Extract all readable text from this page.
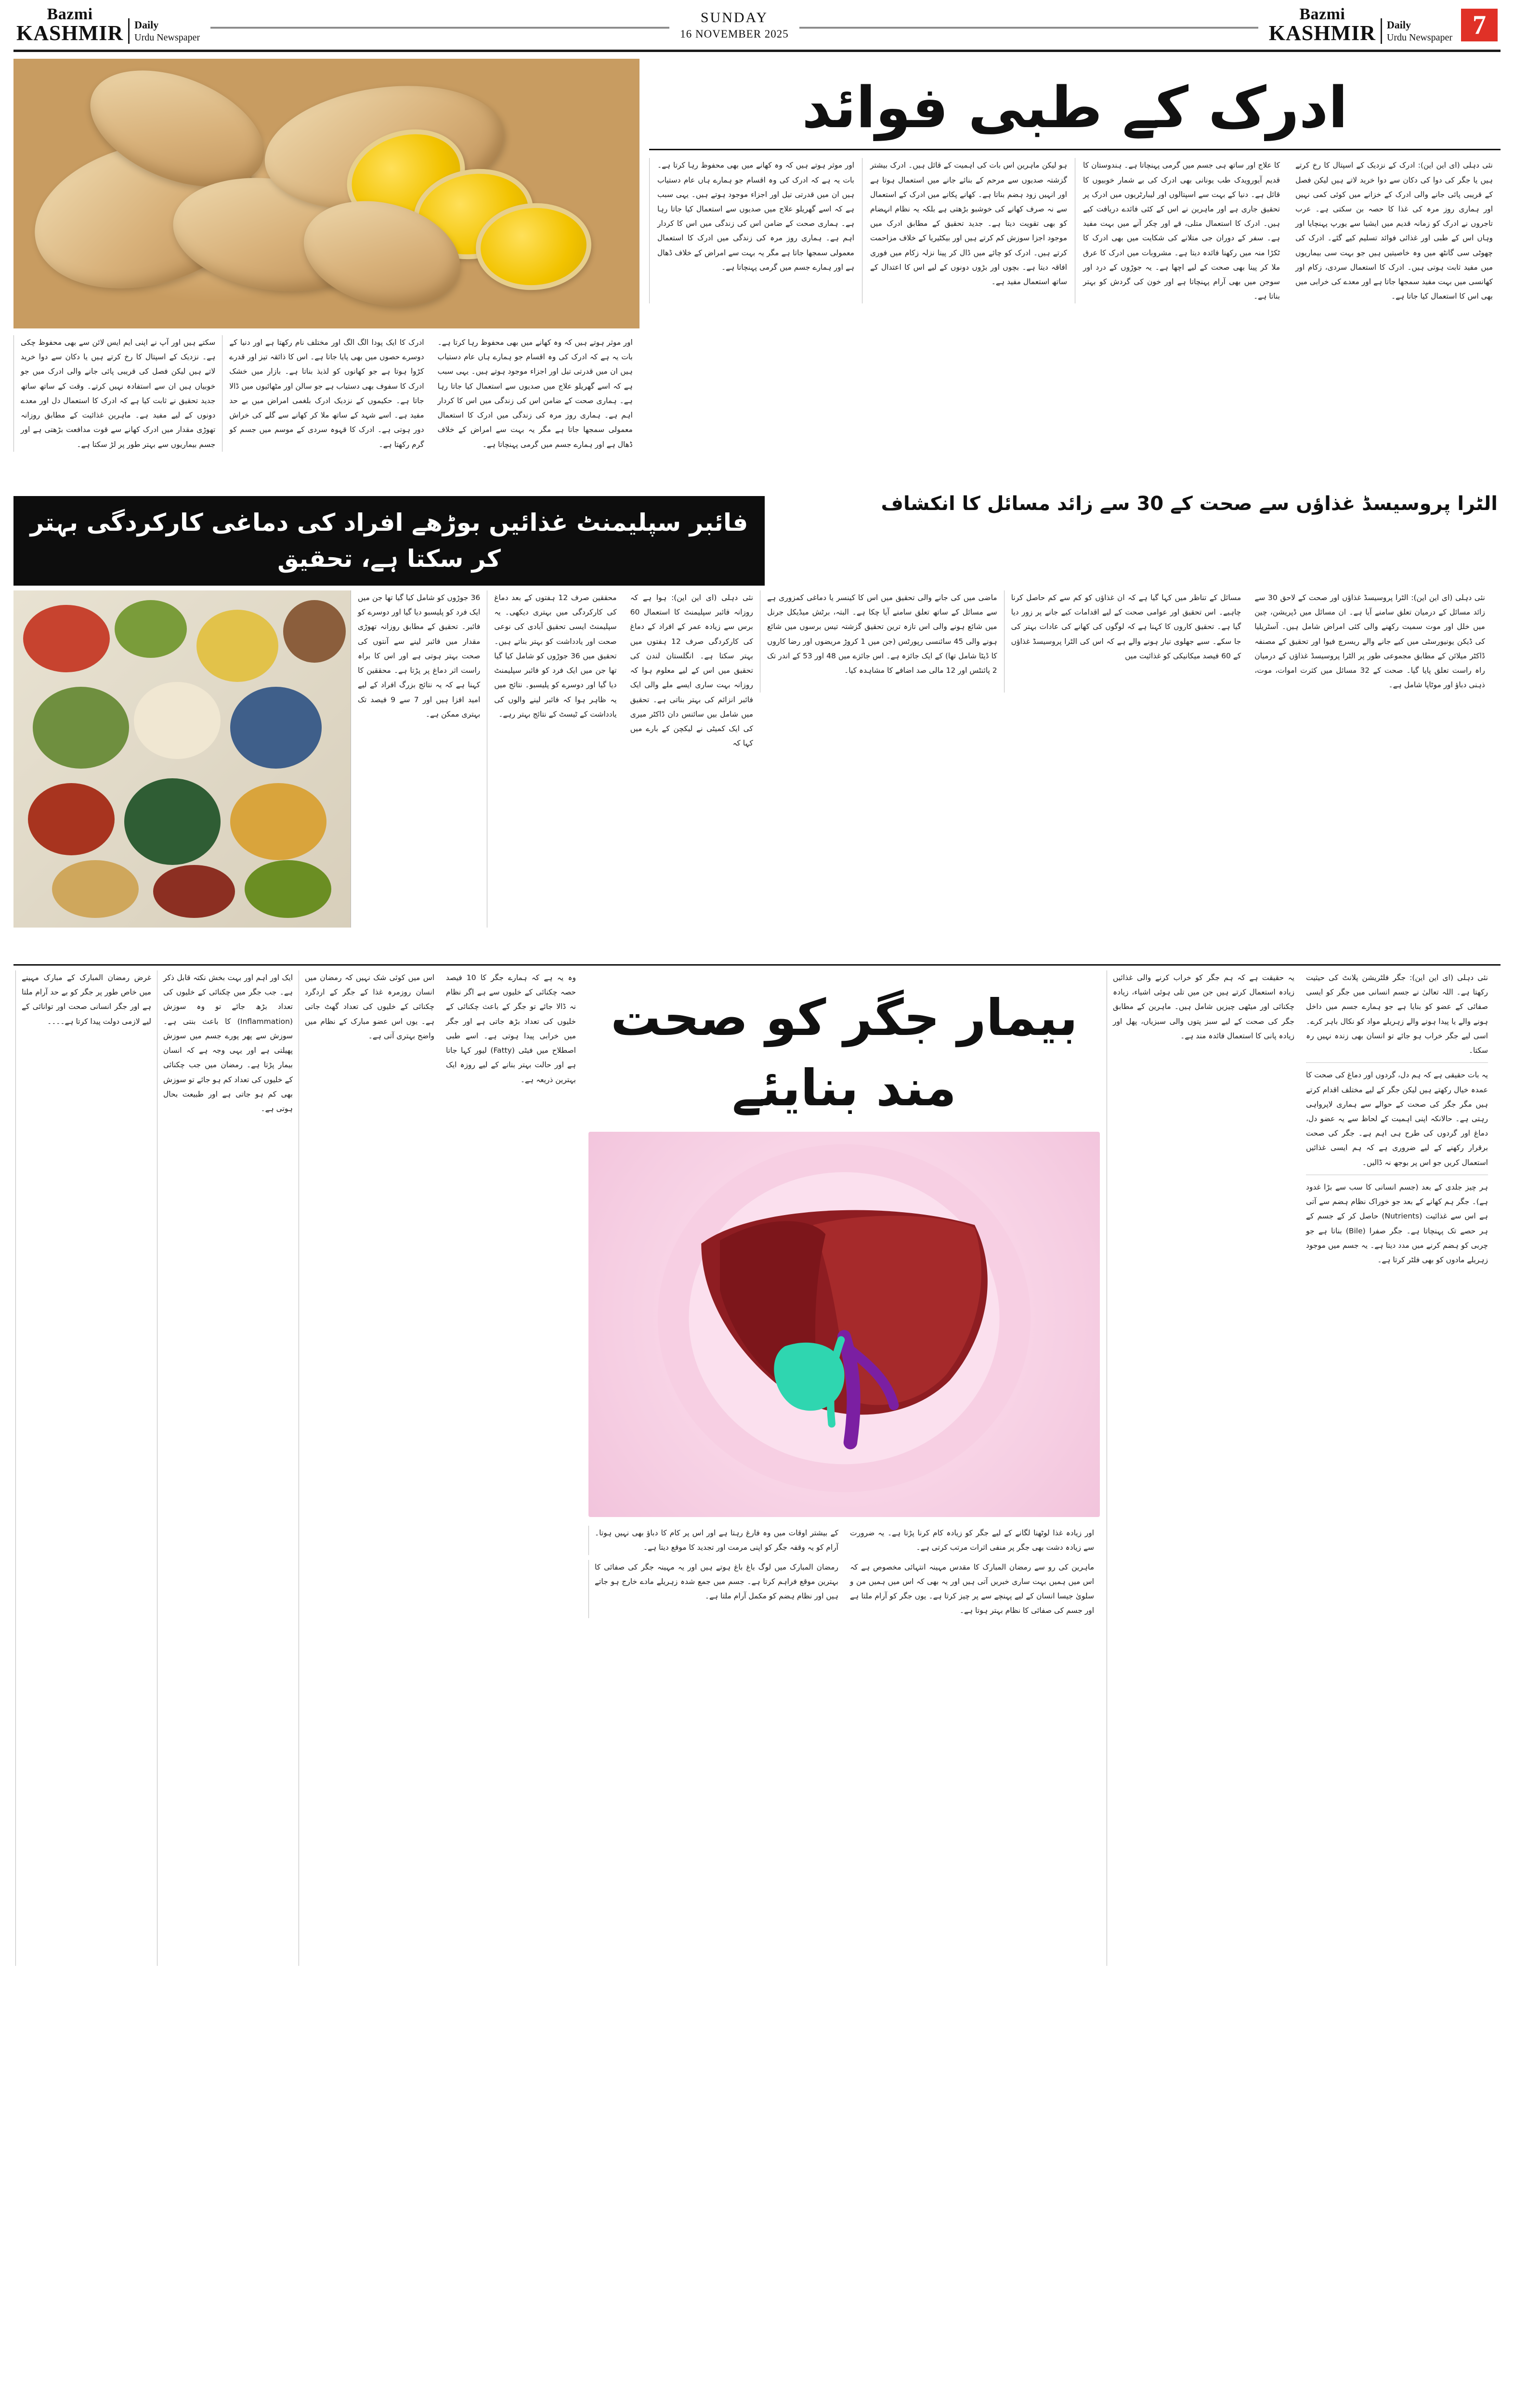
Bazmi
KASHMIR Daily
Urdu Newspaper
SUNDAY
16 NOVEMBER 2025
Bazmi
KASHMIR Daily
Urdu Newspaper 7
سکتے ہیں اور آپ نے اپنی ایم ایس لائن سے بھی محفوظ چکی ہے۔ نزدیک کے اسپتال کا رخ کرتے ہیں یا دکان سے دوا خرید لاتے ہیں لیکن فصل کی قریبی پائی جانے والی ادرک میں جو خوبیاں ہیں ان سے استفادہ نہیں کرتے۔ وقت کے ساتھ ساتھ جدید تحقیق نے ثابت کیا ہے کہ ادرک کا استعمال دل اور معدے دونوں کے لیے مفید ہے۔ ماہرین غذائیت کے مطابق روزانہ تھوڑی مقدار میں ادرک کھانے سے قوت مدافعت بڑھتی ہے اور جسم بیماریوں سے بہتر طور پر لڑ سکتا ہے۔
ادرک کا ایک پودا الگ الگ اور مختلف نام رکھتا ہے اور دنیا کے دوسرے حصوں میں بھی پایا جاتا ہے۔ اس کا ذائقہ تیز اور قدرے کڑوا ہوتا ہے جو کھانوں کو لذیذ بناتا ہے۔ بازار میں خشک ادرک کا سفوف بھی دستیاب ہے جو سالن اور مٹھائیوں میں ڈالا جاتا ہے۔ حکیموں کے نزدیک ادرک بلغمی امراض میں بے حد مفید ہے۔ اسے شہد کے ساتھ ملا کر کھانے سے گلے کی خراش دور ہوتی ہے۔ ادرک کا قہوہ سردی کے موسم میں جسم کو گرم رکھتا ہے۔
اور موثر ہوتے ہیں کہ وہ کھانے میں بھی محفوظ رہا کرتا ہے۔ بات یہ ہے کہ ادرک کی وہ اقسام جو ہمارے ہاں عام دستیاب ہیں ان میں قدرتی تیل اور اجزاء موجود ہوتے ہیں۔ یہی سبب ہے کہ اسے گھریلو علاج میں صدیوں سے استعمال کیا جاتا رہا ہے۔ ہماری صحت کے ضامن اس کی زندگی میں اس کا کردار اہم ہے۔ ہماری روز مرہ کی زندگی میں ادرک کا استعمال معمولی سمجھا جاتا ہے مگر یہ بہت سے امراض کے خلاف ڈھال ہے اور ہمارے جسم میں گرمی پہنچاتا ہے۔
ادرک کے طبی فوائد
اور موثر ہوتے ہیں کہ وہ کھانے میں بھی محفوظ رہا کرتا ہے۔ بات یہ ہے کہ ادرک کی وہ اقسام جو ہمارے ہاں عام دستیاب ہیں ان میں قدرتی تیل اور اجزاء موجود ہوتے ہیں۔ یہی سبب ہے کہ اسے گھریلو علاج میں صدیوں سے استعمال کیا جاتا رہا ہے۔ ہماری صحت کے ضامن اس کی زندگی میں اس کا کردار اہم ہے۔ ہماری روز مرہ کی زندگی میں ادرک کا استعمال معمولی سمجھا جاتا ہے مگر یہ بہت سے امراض کے خلاف ڈھال ہے اور ہمارے جسم میں گرمی پہنچاتا ہے۔
ہو لیکن ماہرین اس بات کی اہمیت کے قائل ہیں۔ ادرک بیشتر گزشتہ صدیوں سے مرحم کے بنائے جانے میں استعمال ہوتا ہے اور انہیں زود ہضم بناتا ہے۔ کھانے پکانے میں ادرک کے استعمال سے نہ صرف کھانے کی خوشبو بڑھتی ہے بلکہ یہ نظام انہضام کو بھی تقویت دیتا ہے۔ جدید تحقیق کے مطابق ادرک میں موجود اجزا سوزش کم کرتے ہیں اور بیکٹیریا کے خلاف مزاحمت کرتے ہیں۔ ادرک کو چائے میں ڈال کر پینا نزلہ زکام میں فوری افاقہ دیتا ہے۔ بچوں اور بڑوں دونوں کے لیے اس کا اعتدال کے ساتھ استعمال مفید ہے۔
کا علاج اور ساتھ ہی جسم میں گرمی پہنچاتا ہے۔ ہندوستان کا قدیم آیورویدک طب یونانی بھی ادرک کی بے شمار خوبیوں کا قائل ہے۔ دنیا کے بہت سے اسپتالوں اور لیبارٹریوں میں ادرک پر تحقیق جاری ہے اور ماہرین نے اس کے کئی فائدے دریافت کیے ہیں۔ ادرک کا استعمال متلی، قے اور چکر آنے میں بہت مفید ہے۔ سفر کے دوران جی متلانے کی شکایت میں بھی ادرک کا ٹکڑا منہ میں رکھنا فائدہ دیتا ہے۔ مشروبات میں ادرک کا عرق ملا کر پینا بھی صحت کے لیے اچھا ہے۔ یہ جوڑوں کے درد اور سوجن میں بھی آرام پہنچاتا ہے اور خون کی گردش کو بہتر بناتا ہے۔
نئی دہلی (ای این این): ادرک کے نزدیک کے اسپتال کا رخ کرتے ہیں یا جگر کی دوا کی دکان سے دوا خرید لاتے ہیں لیکن فصل کے قریبی پائی جانے والی ادرک کے خزانے میں کوئی کمی نہیں اور ہماری روز مرہ کی غذا کا حصہ بن سکتی ہے۔ عرب تاجروں نے ادرک کو زمانہ قدیم میں ایشیا سے یورپ پہنچایا اور وہاں اس کے طبی اور غذائی فوائد تسلیم کیے گئے۔ ادرک کی چھوٹی سی گانٹھ میں وہ خاصیتیں ہیں جو بہت سی بیماریوں میں مفید ثابت ہوتی ہیں۔ ادرک کا استعمال سردی، زکام اور کھانسی میں بہت مفید سمجھا جاتا ہے اور معدے کی خرابی میں بھی اس کا استعمال کیا جاتا ہے۔
فائبر سپلیمنٹ غذائیں بوڑھے افراد کی دماغی کارکردگی بہتر کر سکتا ہے، تحقیق
الٹرا پروسیسڈ غذاؤں سے صحت کے 30 سے زائد مسائل کا انکشاف
36 جوڑوں کو شامل کیا گیا تھا جن میں ایک فرد کو پلیسبو دیا گیا اور دوسرے کو فائبر۔ تحقیق کے مطابق روزانہ تھوڑی مقدار میں فائبر لینے سے آنتوں کی صحت بہتر ہوتی ہے اور اس کا براہ راست اثر دماغ پر پڑتا ہے۔ محققین کا کہنا ہے کہ یہ نتائج بزرگ افراد کے لیے امید افزا ہیں اور 7 سے 9 فیصد تک بہتری ممکن ہے۔
محققین صرف 12 ہفتوں کے بعد دماغ کی کارکردگی میں بہتری دیکھی۔ یہ سپلیمنٹ ایسی تحقیق آبادی کی نوعی صحت اور یادداشت کو بہتر بناتے ہیں۔ تحقیق میں 36 جوڑوں کو شامل کیا گیا تھا جن میں ایک فرد کو فائبر سپلیمنٹ دیا گیا اور دوسرے کو پلیسبو۔ نتائج میں یہ ظاہر ہوا کہ فائبر لینے والوں کی یادداشت کے ٹیسٹ کے نتائج بہتر رہے۔
نئی دہلی (ای این این): ہوا ہے کہ روزانہ فائبر سپلیمنٹ کا استعمال 60 برس سے زیادہ عمر کے افراد کے دماغ کی کارکردگی صرف 12 ہفتوں میں بہتر سکتا ہے۔ انگلستان لندن کی تحقیق میں اس کے لیے معلوم ہوا کہ روزانہ بہت ساری ایسے ملے والی ایک فائبر انزائم کی بہتر بناتی ہے۔ تحقیق میں شامل بیں سائنس دان ڈاکٹر میری کی ایک کمیٹی نے لیکچن کے بارے میں کہا کہ
ماضی میں کی جانے والی تحقیق میں اس کا کینسر یا دماغی کمزوری ہے سے مسائل کے ساتھ تعلق سامنے آیا چکا ہے۔ البتہ، برٹش میڈیکل جرنل میں شائع ہونے والی اس تازہ ترین تحقیق گزشتہ تیس برسوں میں شائع ہونے والی 45 سائنسی رپورٹس (جن میں 1 کروڑ مریضوں اور رضا کاروں کا ڈیٹا شامل تھا) کے ایک جائزہ ہے۔ اس جائزے میں 48 اور 53 کے اندر تک 2 پائنٹس اور 12 مالی صد اضافے کا مشاہدہ کیا۔
مسائل کے تناظر میں کہا گیا ہے کہ ان غذاؤں کو کم سے کم حاصل کرنا چاہیے۔ اس تحقیق اور عوامی صحت کے لیے اقدامات کیے جانے پر زور دیا گیا ہے۔ تحقیق کاروں کا کہنا ہے کہ لوگوں کی کھانے کی عادات بہتر کی جا سکے۔ سبے جھلوی تیار ہونے والے ہے کہ اس کی الٹرا پروسیسڈ غذاؤں کے 60 فیصد میکانیکی کو غذائیت میں
نئی دہلی (ای این این): الٹرا پروسیسڈ غذاؤں اور صحت کے لاحق 30 سے زائد مسائل کے درمیان تعلق سامنے آیا ہے۔ ان مسائل میں ڈپریشن، چین میں خلل اور موت سمیت رکھنے والی کئی امراض شامل ہیں۔ آسٹریلیا کی ڈیکن یونیورسٹی میں کیے جانے والے ریسرچ فیوا اور تحقیق کے مصنفہ ڈاکٹر میلائن کے مطابق مجموعی طور پر الٹرا پروسیسڈ غذاؤں کے درمیان راہ راست تعلق پایا گیا۔ صحت کے 32 مسائل میں کثرت اموات، موت، ذہنی دباؤ اور موٹاپا شامل ہے۔
غرض رمضان المبارک کے مبارک مہینے میں خاص طور پر جگر کو بے حد آرام ملتا ہے اور جگر انسانی صحت اور توانائی کے لیے لازمی دولت پیدا کرتا ہے۔۔۔۔
ایک اور اہم اور بہت بخش نکتہ قابل ذکر ہے۔ جب جگر میں چکنائی کے خلیوں کی تعداد بڑھ جائے تو وہ سوزش (Inflammation) کا باعث بنتی ہے۔ سوزش سے پھر پورے جسم میں سوزش پھیلتی ہے اور یہی وجہ ہے کہ انسان بیمار پڑتا ہے۔ رمضان میں جب چکنائی کے خلیوں کی تعداد کم ہو جائے تو سوزش بھی کم ہو جاتی ہے اور طبیعت بحال ہوتی ہے۔
اس میں کوئی شک نہیں کہ رمضان میں انسان روزمرہ غذا کے جگر کے اردگرد چکنائی کے خلیوں کی تعداد گھٹ جاتی ہے۔ یوں اس عضو مبارک کے نظام میں واضح بہتری آتی ہے۔
وہ یہ ہے کہ ہمارے جگر کا 10 فیصد حصہ چکنائی کے خلیوں سے ہے اگر نظام نہ ڈالا جائے تو جگر کے باعث چکنائی کے خلیوں کی تعداد بڑھ جاتی ہے اور جگر میں خرابی پیدا ہوتی ہے۔ اسے طبی اصطلاح میں فیٹی (Fatty) لیور کہا جاتا ہے اور حالت بہتر بنانے کے لیے روزہ ایک بہترین ذریعہ ہے۔
بیمار جگر کو صحت مند بنایئے
کے بیشتر اوقات میں وہ فارغ رہتا ہے اور اس پر کام کا دباؤ بھی نہیں ہوتا۔ آرام کو یہ وقفہ جگر کو اپنی مرمت اور تجدید کا موقع دیتا ہے۔
اور زیادہ غذا لوٹھنا لگانے کے لیے جگر کو زیادہ کام کرنا پڑتا ہے۔ یہ ضرورت سے زیادہ دشت بھی جگر پر منفی اثرات مرتب کرتی ہے۔
رمضان المبارک میں لوگ باغ باغ ہوتے ہیں اور یہ مہینہ جگر کی صفائی کا بہترین موقع فراہم کرتا ہے۔ جسم میں جمع شدہ زہریلے مادے خارج ہو جاتے ہیں اور نظام ہضم کو مکمل آرام ملتا ہے۔
ماہرین کی رو سے رمضان المبارک کا مقدس مہینہ انتہائی مخصوص ہے کہ اس میں ہمیں بہت ساری خبریں آتی ہیں اور یہ بھی کہ اس میں ہمیں من و سلویٰ جیسا انسان کے لیے پہنچے سے پر چیز کرتا ہے۔ یوں جگر کو آرام ملتا ہے اور جسم کی صفائی کا نظام بہتر ہوتا ہے۔
یہ حقیقت ہے کہ ہم جگر کو خراب کرنے والی غذائیں زیادہ استعمال کرتے ہیں جن میں تلی ہوئی اشیاء، زیادہ چکنائی اور میٹھی چیزیں شامل ہیں۔ ماہرین کے مطابق جگر کی صحت کے لیے سبز پتوں والی سبزیاں، پھل اور زیادہ پانی کا استعمال فائدہ مند ہے۔
نئی دہلی (ای این این): جگر فلٹریشن پلانٹ کی حیثیت رکھتا ہے۔ اللہ تعالیٰ نے جسم انسانی میں جگر کو ایسی صفائی کے عضو کو بنایا ہے جو ہمارے جسم میں داخل ہونے والے یا پیدا ہونے والے زہریلے مواد کو نکال باہر کرے۔ اسی لیے جگر خراب ہو جائے تو انسان بھی زندہ نہیں رہ سکتا۔
یہ بات حقیقی ہے کہ ہم دل، گردوں اور دماغ کی صحت کا عمدہ خیال رکھتے ہیں لیکن جگر کے لیے مختلف اقدام کرتے ہیں مگر جگر کی صحت کے حوالے سے ہماری لاپرواہی رہتی ہے۔ حالانکہ اپنی اہمیت کے لحاظ سے یہ عضو دل، دماغ اور گردوں کی طرح ہی اہم ہے۔ جگر کی صحت برقرار رکھنے کے لیے ضروری ہے کہ ہم ایسی غذائیں استعمال کریں جو اس پر بوجھ نہ ڈالیں۔
ہر چیز جلدی کے بعد (جسم انسانی کا سب سے بڑا غدود ہے)۔ جگر ہم کھانے کے بعد جو خوراک نظام ہضم سے آتی ہے اس سے غذائیت (Nutrients) حاصل کر کے جسم کے ہر حصے تک پہنچاتا ہے۔ جگر صفرا (Bile) بناتا ہے جو چربی کو ہضم کرنے میں مدد دیتا ہے۔ یہ جسم میں موجود زہریلے مادوں کو بھی فلٹر کرتا ہے۔
